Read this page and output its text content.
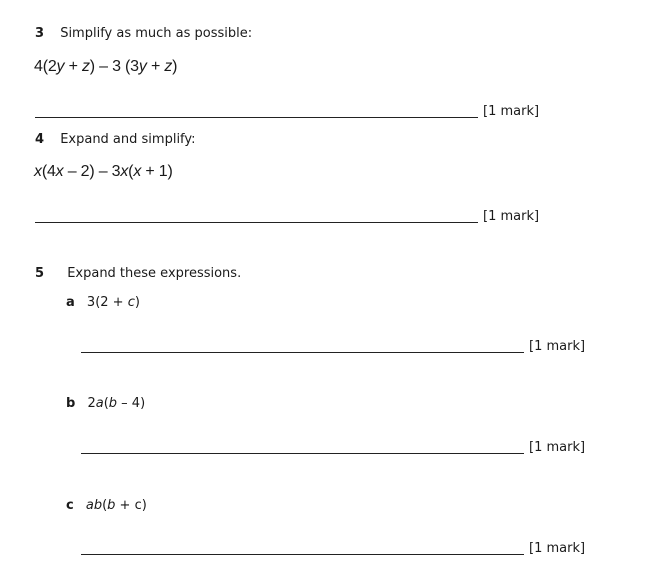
3 Simplify as much as possible:
4(2y + z) – 3 (3y + z)
[1 mark]
4 Expand and simplify:
x(4x – 2) – 3x(x + 1)
[1 mark]
5 Expand these expressions.
a 3(2 + c)
[1 mark]
b 2a(b – 4)
[1 mark]
c ab(b + c)
[1 mark]
